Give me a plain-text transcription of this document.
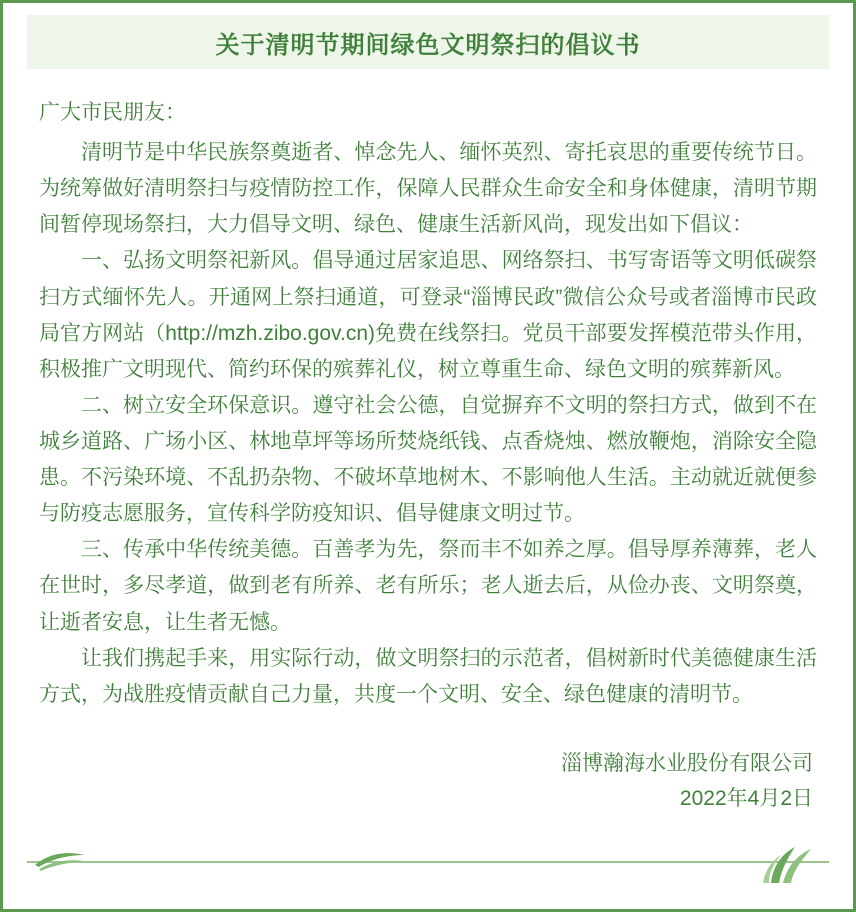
关于清明节期间绿色文明祭扫的倡议书

广大市民朋友：

清明节是中华民族祭奠逝者、悼念先人、缅怀英烈、寄托哀思的重要传统节日。为统筹做好清明祭扫与疫情防控工作，保障人民群众生命安全和身体健康，清明节期间暂停现场祭扫，大力倡导文明、绿色、健康生活新风尚，现发出如下倡议：

一、弘扬文明祭祀新风。倡导通过居家追思、网络祭扫、书写寄语等文明低碳祭扫方式缅怀先人。开通网上祭扫通道，可登录“淄博民政”微信公众号或者淄博市民政局官方网站（http://mzh.zibo.gov.cn)免费在线祭扫。党员干部要发挥模范带头作用，积极推广文明现代、简约环保的殡葬礼仪，树立尊重生命、绿色文明的殡葬新风。

二、树立安全环保意识。遵守社会公德，自觉摒弃不文明的祭扫方式，做到不在城乡道路、广场小区、林地草坪等场所焚烧纸钱、点香烧烛、燃放鞭炮，消除安全隐患。不污染环境、不乱扔杂物、不破坏草地树木、不影响他人生活。主动就近就便参与防疫志愿服务，宣传科学防疫知识、倡导健康文明过节。

三、传承中华传统美德。百善孝为先，祭而丰不如养之厚。倡导厚养薄葬，老人在世时，多尽孝道，做到老有所养、老有所乐；老人逝去后，从俭办丧、文明祭奠，让逝者安息，让生者无憾。

让我们携起手来，用实际行动，做文明祭扫的示范者，倡树新时代美德健康生活方式，为战胜疫情贡献自己力量，共度一个文明、安全、绿色健康的清明节。

淄博瀚海水业股份有限公司
2022年4月2日
